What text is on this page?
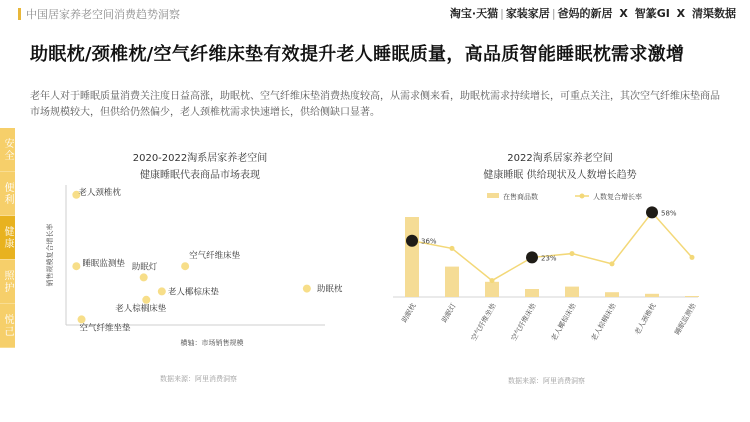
中国居家养老空间消费趋势洞察	淘宝·天猫 | 家装家居 | 爸妈的新居 X 智篆GI X 清渠数据
助眠枕/颈椎枕/空气纤维床垫有效提升老人睡眠质量，高品质智能睡眠枕需求激增
老年人对于睡眠质量消费关注度日益高涨，助眠枕、空气纤维床垫消费热度较高，从需求侧来看，助眠枕需求持续增长，可重点关注，其次空气纤维床垫商品市场规模较大，但供给仍然偏少，老人颈椎枕需求快速增长，供给侧缺口显著。
安全
便利
健康
照护
悦己
2020-2022淘系居家养老空间
健康睡眠代表商品市场表现
销售规模复合增长率
横轴：市场销售规模
老人颈椎枕
睡眠监测垫
空气纤维床垫
助眠灯
老人椰棕床垫	助眠枕
老人棕榈床垫
空气纤维坐垫
数据来源：阿里消费洞察
2022淘系居家养老空间
健康睡眠 供给现状及人数增长趋势
在售商品数	人数复合增长率
36%
23%
58%
助眠枕	助眠灯 空气纤维坐垫 空气纤维床垫 老人椰棕床垫 老人棕榈床垫 老人颈椎枕 睡眠监测垫
数据来源：阿里消费洞察
